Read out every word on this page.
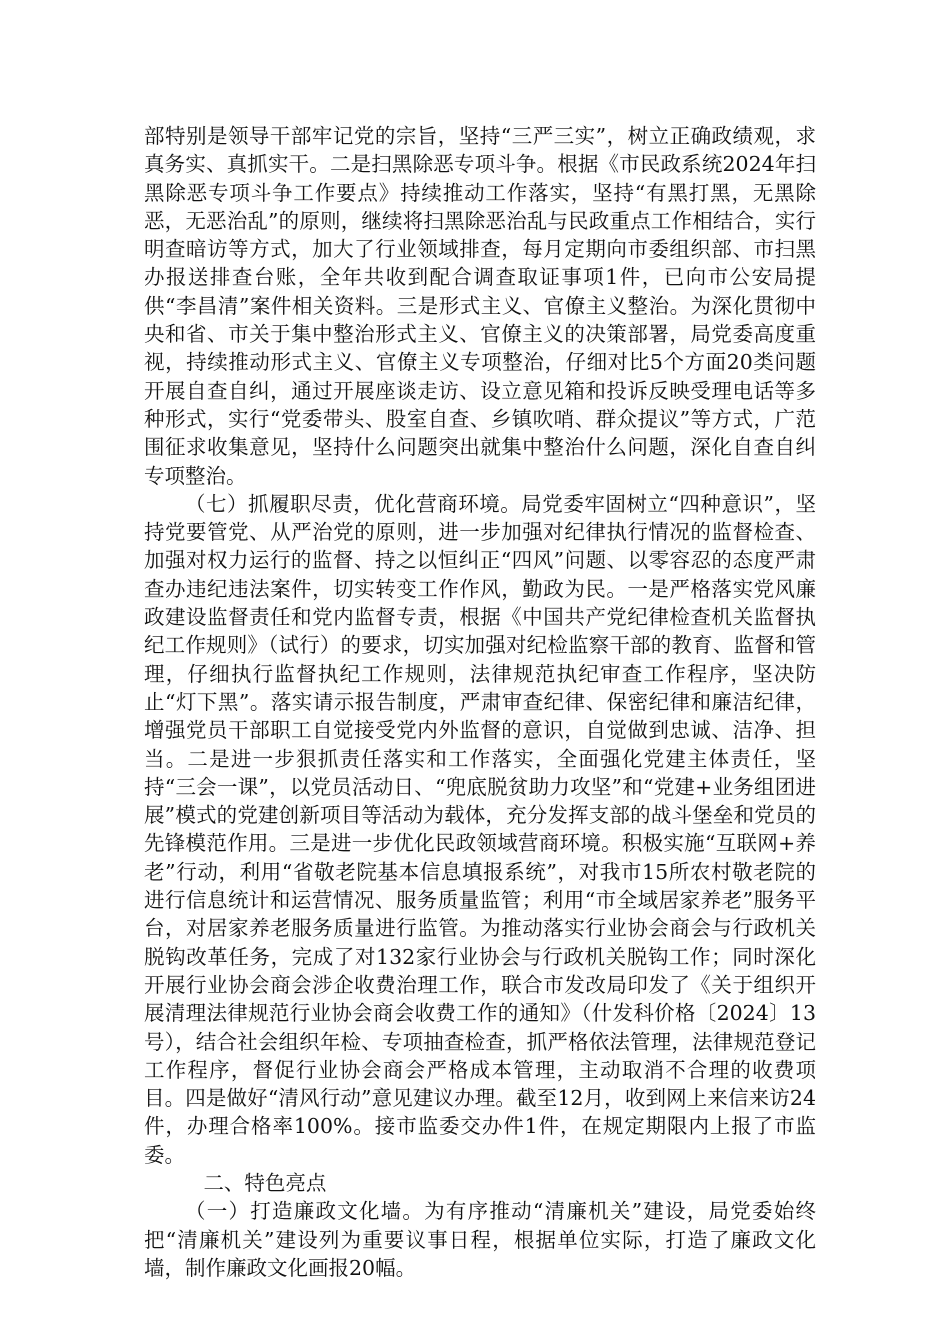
部特别是领导干部牢记党的宗旨，坚持“三严三实”，树立正确政绩观，求真务实、真抓实干。二是扫黑除恶专项斗争。根据《市民政系统2024年扫黑除恶专项斗争工作要点》持续推动工作落实，坚持“有黑打黑，无黑除恶，无恶治乱”的原则，继续将扫黑除恶治乱与民政重点工作相结合，实行明查暗访等方式，加大了行业领域排查，每月定期向市委组织部、市扫黑办报送排查台账，全年共收到配合调查取证事项1件，已向市公安局提供“李昌清”案件相关资料。三是形式主义、官僚主义整治。为深化贯彻中央和省、市关于集中整治形式主义、官僚主义的决策部署，局党委高度重视，持续推动形式主义、官僚主义专项整治，仔细对比5个方面20类问题开展自查自纠，通过开展座谈走访、设立意见箱和投诉反映受理电话等多种形式，实行“党委带头、股室自查、乡镇吹哨、群众提议”等方式，广范围征求收集意见，坚持什么问题突出就集中整治什么问题，深化自查自纠专项整治。

（七）抓履职尽责，优化营商环境。局党委牢固树立“四种意识”，坚持党要管党、从严治党的原则，进一步加强对纪律执行情况的监督检查、加强对权力运行的监督、持之以恒纠正“四风”问题、以零容忍的态度严肃查办违纪违法案件，切实转变工作作风，勤政为民。一是严格落实党风廉政建设监督责任和党内监督专责，根据《中国共产党纪律检查机关监督执纪工作规则》（试行）的要求，切实加强对纪检监察干部的教育、监督和管理，仔细执行监督执纪工作规则，法律规范执纪审查工作程序，坚决防止“灯下黑”。落实请示报告制度，严肃审查纪律、保密纪律和廉洁纪律，增强党员干部职工自觉接受党内外监督的意识，自觉做到忠诚、洁净、担当。二是进一步狠抓责任落实和工作落实，全面强化党建主体责任，坚持“三会一课”，以党员活动日、“兜底脱贫助力攻坚”和“党建+业务组团进展”模式的党建创新项目等活动为载体，充分发挥支部的战斗堡垒和党员的先锋模范作用。三是进一步优化民政领域营商环境。积极实施“互联网+养老”行动，利用“省敬老院基本信息填报系统”，对我市15所农村敬老院的进行信息统计和运营情况、服务质量监管；利用“市全域居家养老”服务平台，对居家养老服务质量进行监管。为推动落实行业协会商会与行政机关脱钩改革任务，完成了对132家行业协会与行政机关脱钩工作；同时深化开展行业协会商会涉企收费治理工作，联合市发改局印发了《关于组织开展清理法律规范行业协会商会收费工作的通知》（什发科价格〔2024〕13号），结合社会组织年检、专项抽查检查，抓严格依法管理，法律规范登记工作程序，督促行业协会商会严格成本管理，主动取消不合理的收费项目。四是做好“清风行动”意见建议办理。截至12月，收到网上来信来访24件，办理合格率100%。接市监委交办件1件，在规定期限内上报了市监委。

二、特色亮点

（一）打造廉政文化墙。为有序推动“清廉机关”建设，局党委始终把“清廉机关”建设列为重要议事日程，根据单位实际，打造了廉政文化墙，制作廉政文化画报20幅。
